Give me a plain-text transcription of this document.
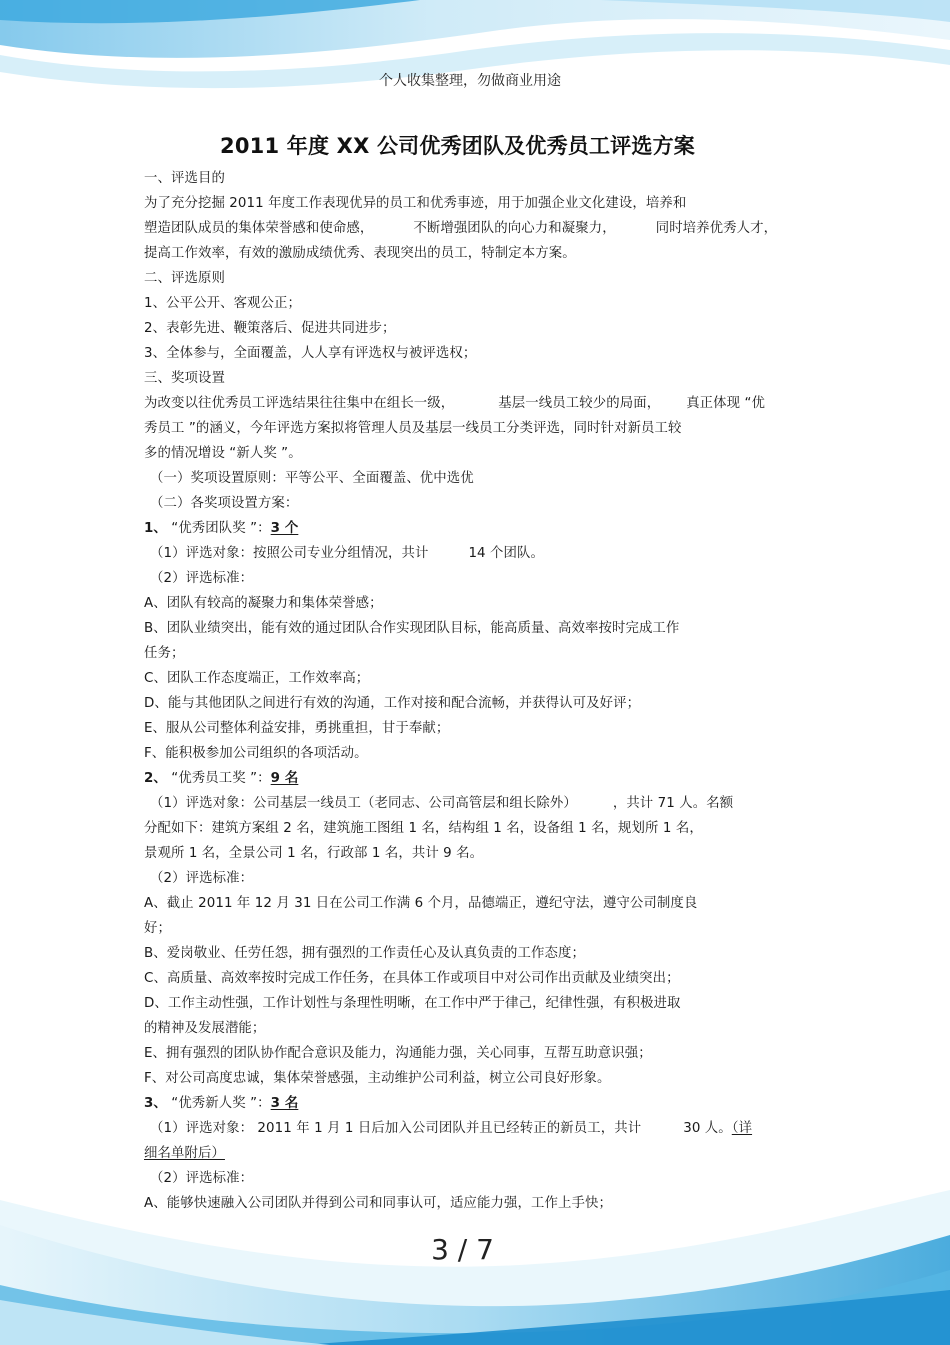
个人收集整理，勿做商业用途
2011 年度 XX 公司优秀团队及优秀员工评选方案
一、评选目的
为了充分挖掘 2011 年度工作表现优异的员工和优秀事迹，用于加强企业文化建设，培养和
塑造团队成员的集体荣誉感和使命感，	不断增强团队的向心力和凝聚力，	同时培养优秀人才，
提高工作效率，有效的激励成绩优秀、表现突出的员工，特制定本方案。
二、评选原则
1、公平公开、客观公正；
2、表彰先进、鞭策落后、促进共同进步；
3、全体参与，全面覆盖，人人享有评选权与被评选权；
三、奖项设置
为改变以往优秀员工评选结果往往集中在组长一级，	基层一线员工较少的局面， 真正体现 “优
秀员工 ”的涵义，今年评选方案拟将管理人员及基层一线员工分类评选，同时针对新员工较
多的情况增设 “新人奖 ”。
（一）奖项设置原则：平等公平、全面覆盖、优中选优
（二）各奖项设置方案：
1、 “优秀团队奖 ”：3 个
（1）评选对象：按照公司专业分组情况，共计	14 个团队。
（2）评选标准：
A、团队有较高的凝聚力和集体荣誉感；
B、团队业绩突出，能有效的通过团队合作实现团队目标，能高质量、高效率按时完成工作
任务；
C、团队工作态度端正，工作效率高；
D、能与其他团队之间进行有效的沟通，工作对接和配合流畅，并获得认可及好评；
E、服从公司整体利益安排，勇挑重担，甘于奉献；
F、能积极参加公司组织的各项活动。
2、 “优秀员工奖 ”：9 名
（1）评选对象：公司基层一线员工（老同志、公司高管层和组长除外）	，共计 71 人。名额
分配如下：建筑方案组 2 名，建筑施工图组 1 名，结构组 1 名，设备组 1 名，规划所 1 名，
景观所 1 名，全景公司 1 名，行政部 1 名，共计 9 名。
（2）评选标准：
A、截止 2011 年 12 月 31 日在公司工作满 6 个月，品德端正，遵纪守法，遵守公司制度良
好；
B、爱岗敬业、任劳任怨，拥有强烈的工作责任心及认真负责的工作态度；
C、高质量、高效率按时完成工作任务，在具体工作或项目中对公司作出贡献及业绩突出；
D、工作主动性强，工作计划性与条理性明晰，在工作中严于律己，纪律性强，有积极进取
的精神及发展潜能；
E、拥有强烈的团队协作配合意识及能力，沟通能力强，关心同事，互帮互助意识强；
F、对公司高度忠诚，集体荣誉感强，主动维护公司利益，树立公司良好形象。
3、 “优秀新人奖 ”：3 名
（1）评选对象： 2011 年 1 月 1 日后加入公司团队并且已经转正的新员工，共计	30 人。（详
细名单附后）
（2）评选标准：
A、能够快速融入公司团队并得到公司和同事认可，适应能力强，工作上手快；
3 / 7
